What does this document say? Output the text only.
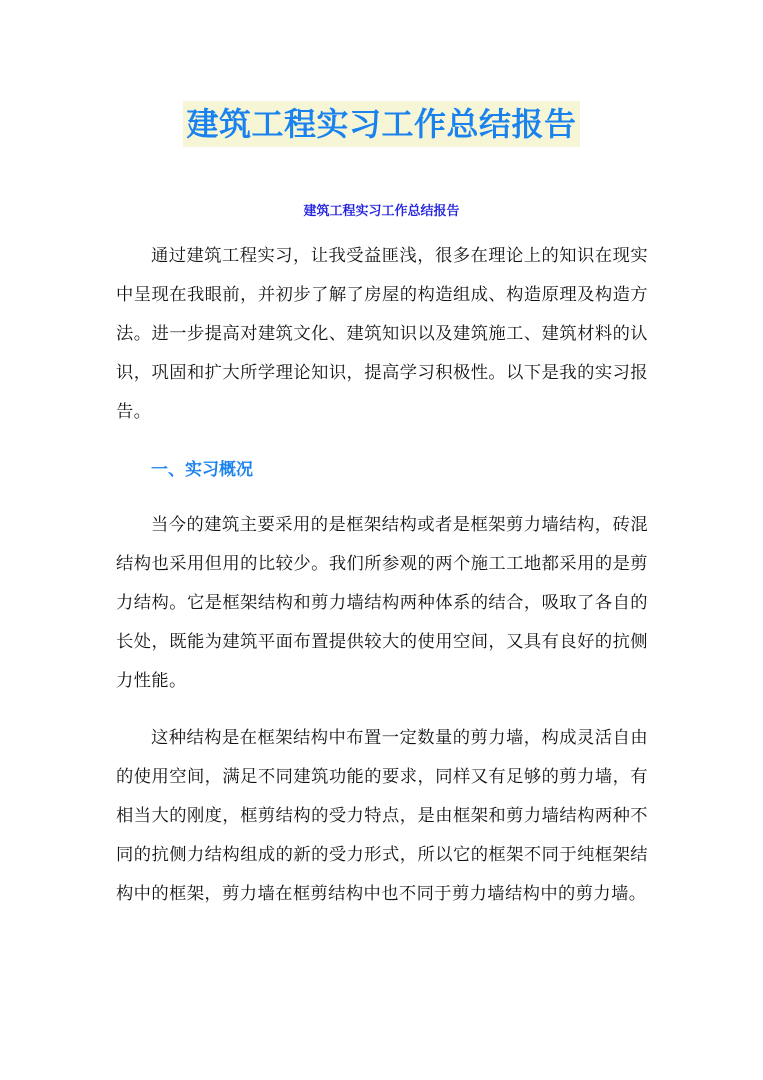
建筑工程实习工作总结报告
建筑工程实习工作总结报告

通过建筑工程实习，让我受益匪浅，很多在理论上的知识在现实中呈现在我眼前，并初步了解了房屋的构造组成、构造原理及构造方法。进一步提高对建筑文化、建筑知识以及建筑施工、建筑材料的认识，巩固和扩大所学理论知识，提高学习积极性。以下是我的实习报告。

一、实习概况

当今的建筑主要采用的是框架结构或者是框架剪力墙结构，砖混结构也采用但用的比较少。我们所参观的两个施工工地都采用的是剪力结构。它是框架结构和剪力墙结构两种体系的结合，吸取了各自的长处，既能为建筑平面布置提供较大的使用空间，又具有良好的抗侧力性能。

这种结构是在框架结构中布置一定数量的剪力墙，构成灵活自由的使用空间，满足不同建筑功能的要求，同样又有足够的剪力墙，有相当大的刚度，框剪结构的受力特点，是由框架和剪力墙结构两种不同的抗侧力结构组成的新的受力形式，所以它的框架不同于纯框架结构中的框架，剪力墙在框剪结构中也不同于剪力墙结构中的剪力墙。
